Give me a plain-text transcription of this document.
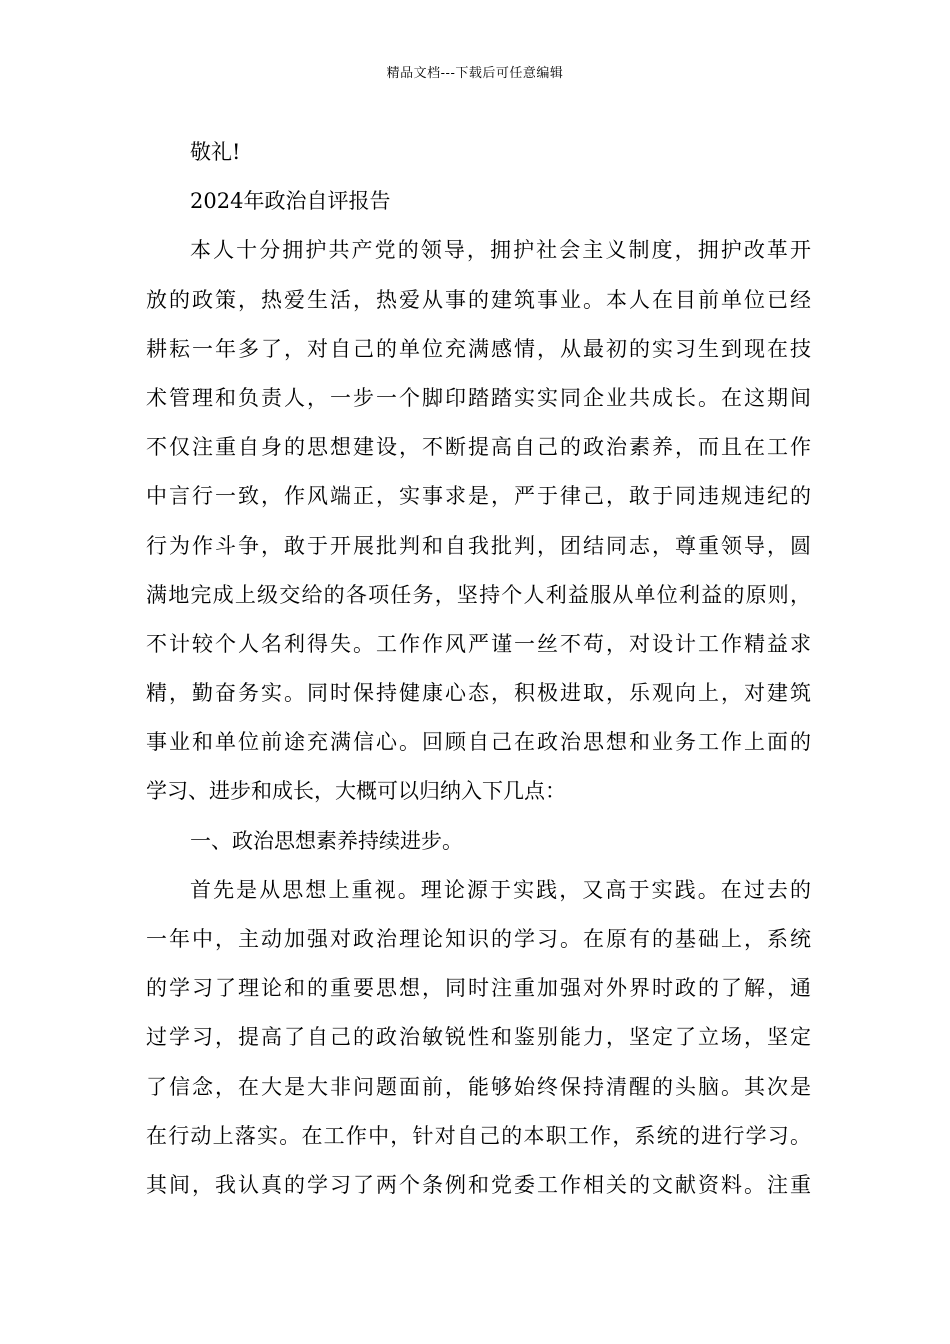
精品文档---下载后可任意编辑
敬礼!
2024年政治自评报告
本人十分拥护共产党的领导，拥护社会主义制度，拥护改革开
放的政策，热爱生活，热爱从事的建筑事业。本人在目前单位已经
耕耘一年多了，对自己的单位充满感情，从最初的实习生到现在技
术管理和负责人，一步一个脚印踏踏实实同企业共成长。在这期间
不仅注重自身的思想建设，不断提高自己的政治素养，而且在工作
中言行一致，作风端正，实事求是，严于律己，敢于同违规违纪的
行为作斗争，敢于开展批判和自我批判，团结同志，尊重领导，圆
满地完成上级交给的各项任务，坚持个人利益服从单位利益的原则，
不计较个人名利得失。工作作风严谨一丝不苟，对设计工作精益求
精，勤奋务实。同时保持健康心态，积极进取，乐观向上，对建筑
事业和单位前途充满信心。回顾自己在政治思想和业务工作上面的
学习、进步和成长，大概可以归纳入下几点：
一、政治思想素养持续进步。
首先是从思想上重视。理论源于实践，又高于实践。在过去的
一年中，主动加强对政治理论知识的学习。在原有的基础上，系统
的学习了理论和的重要思想，同时注重加强对外界时政的了解，通
过学习，提高了自己的政治敏锐性和鉴别能力，坚定了立场，坚定
了信念，在大是大非问题面前，能够始终保持清醒的头脑。其次是
在行动上落实。在工作中，针对自己的本职工作，系统的进行学习。
其间，我认真的学习了两个条例和党委工作相关的文献资料。注重
